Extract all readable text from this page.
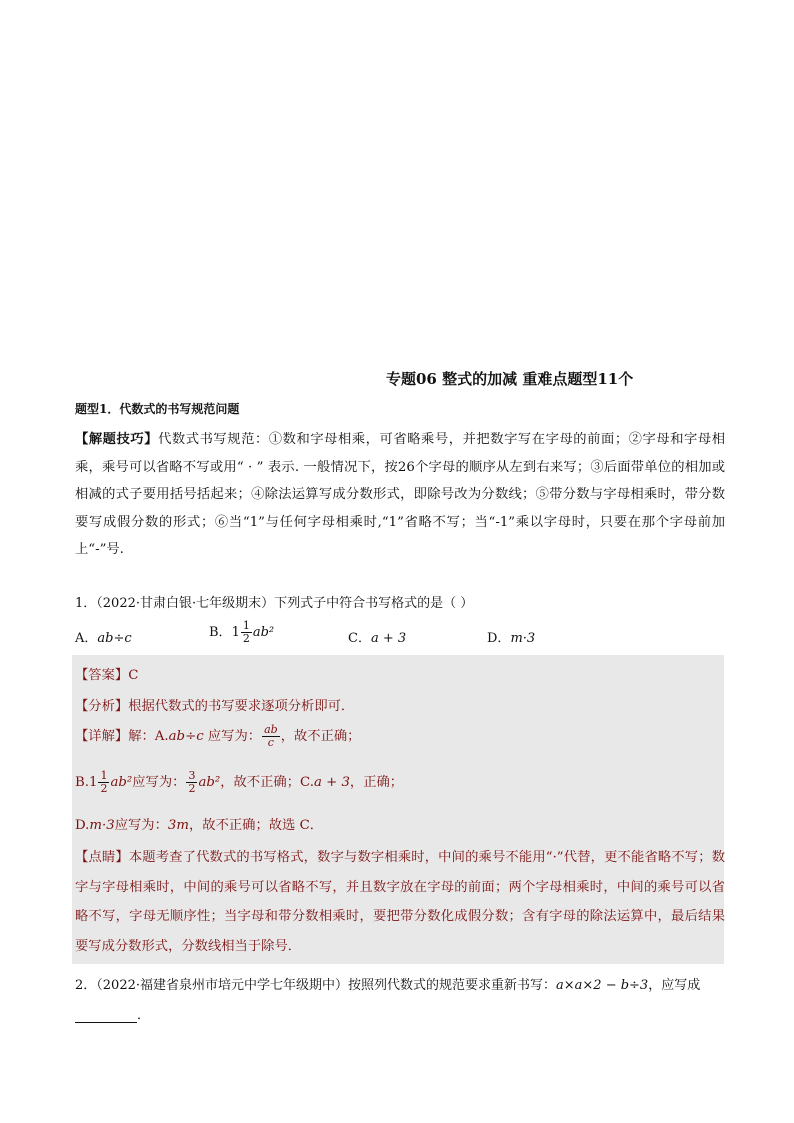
专题06 整式的加减 重难点题型11个
题型1．代数式的书写规范问题
【解题技巧】代数式书写规范：①数和字母相乘，可省略乘号，并把数字写在字母的前面；②字母和字母相乘，乘号可以省略不写或用“ · ” 表示. 一般情况下，按26个字母的顺序从左到右来写；③后面带单位的相加或相减的式子要用括号括起来；④除法运算写成分数形式，即除号改为分数线；⑤带分数与字母相乘时，带分数要写成假分数的形式；⑥当“1”与任何字母相乘时,“1”省略不写；当“-1”乘以字母时，只要在那个字母前加上“-”号.
1．（2022·甘肃白银·七年级期末）下列式子中符合书写格式的是（ ）
A．ab÷c	B．$1 \frac{1}{2} ab^2$	C．a + 3	D．m·3
【答案】C
【分析】根据代数式的书写要求逐项分析即可．
【详解】解：A.ab÷c 应写为： $\frac{ab}{c}$ ，故不正确；
$B.1 \frac{1}{2} ab^2$应写为： $\frac{3}{2} ab^2$，故不正确；C.a + 3，正确；
D.m·3应写为：3m，故不正确；故选 C．
【点睛】本题考查了代数式的书写格式，数字与数字相乘时，中间的乘号不能用“·”代替，更不能省略不写；数字与字母相乘时，中间的乘号可以省略不写，并且数字放在字母的前面；两个字母相乘时，中间的乘号可以省略不写，字母无顺序性；当字母和带分数相乘时，要把带分数化成假分数；含有字母的除法运算中，最后结果要写成分数形式，分数线相当于除号．
2．（2022·福建省泉州市培元中学七年级期中）按照列代数式的规范要求重新书写：a×a×2 − b÷3，应写成
．
